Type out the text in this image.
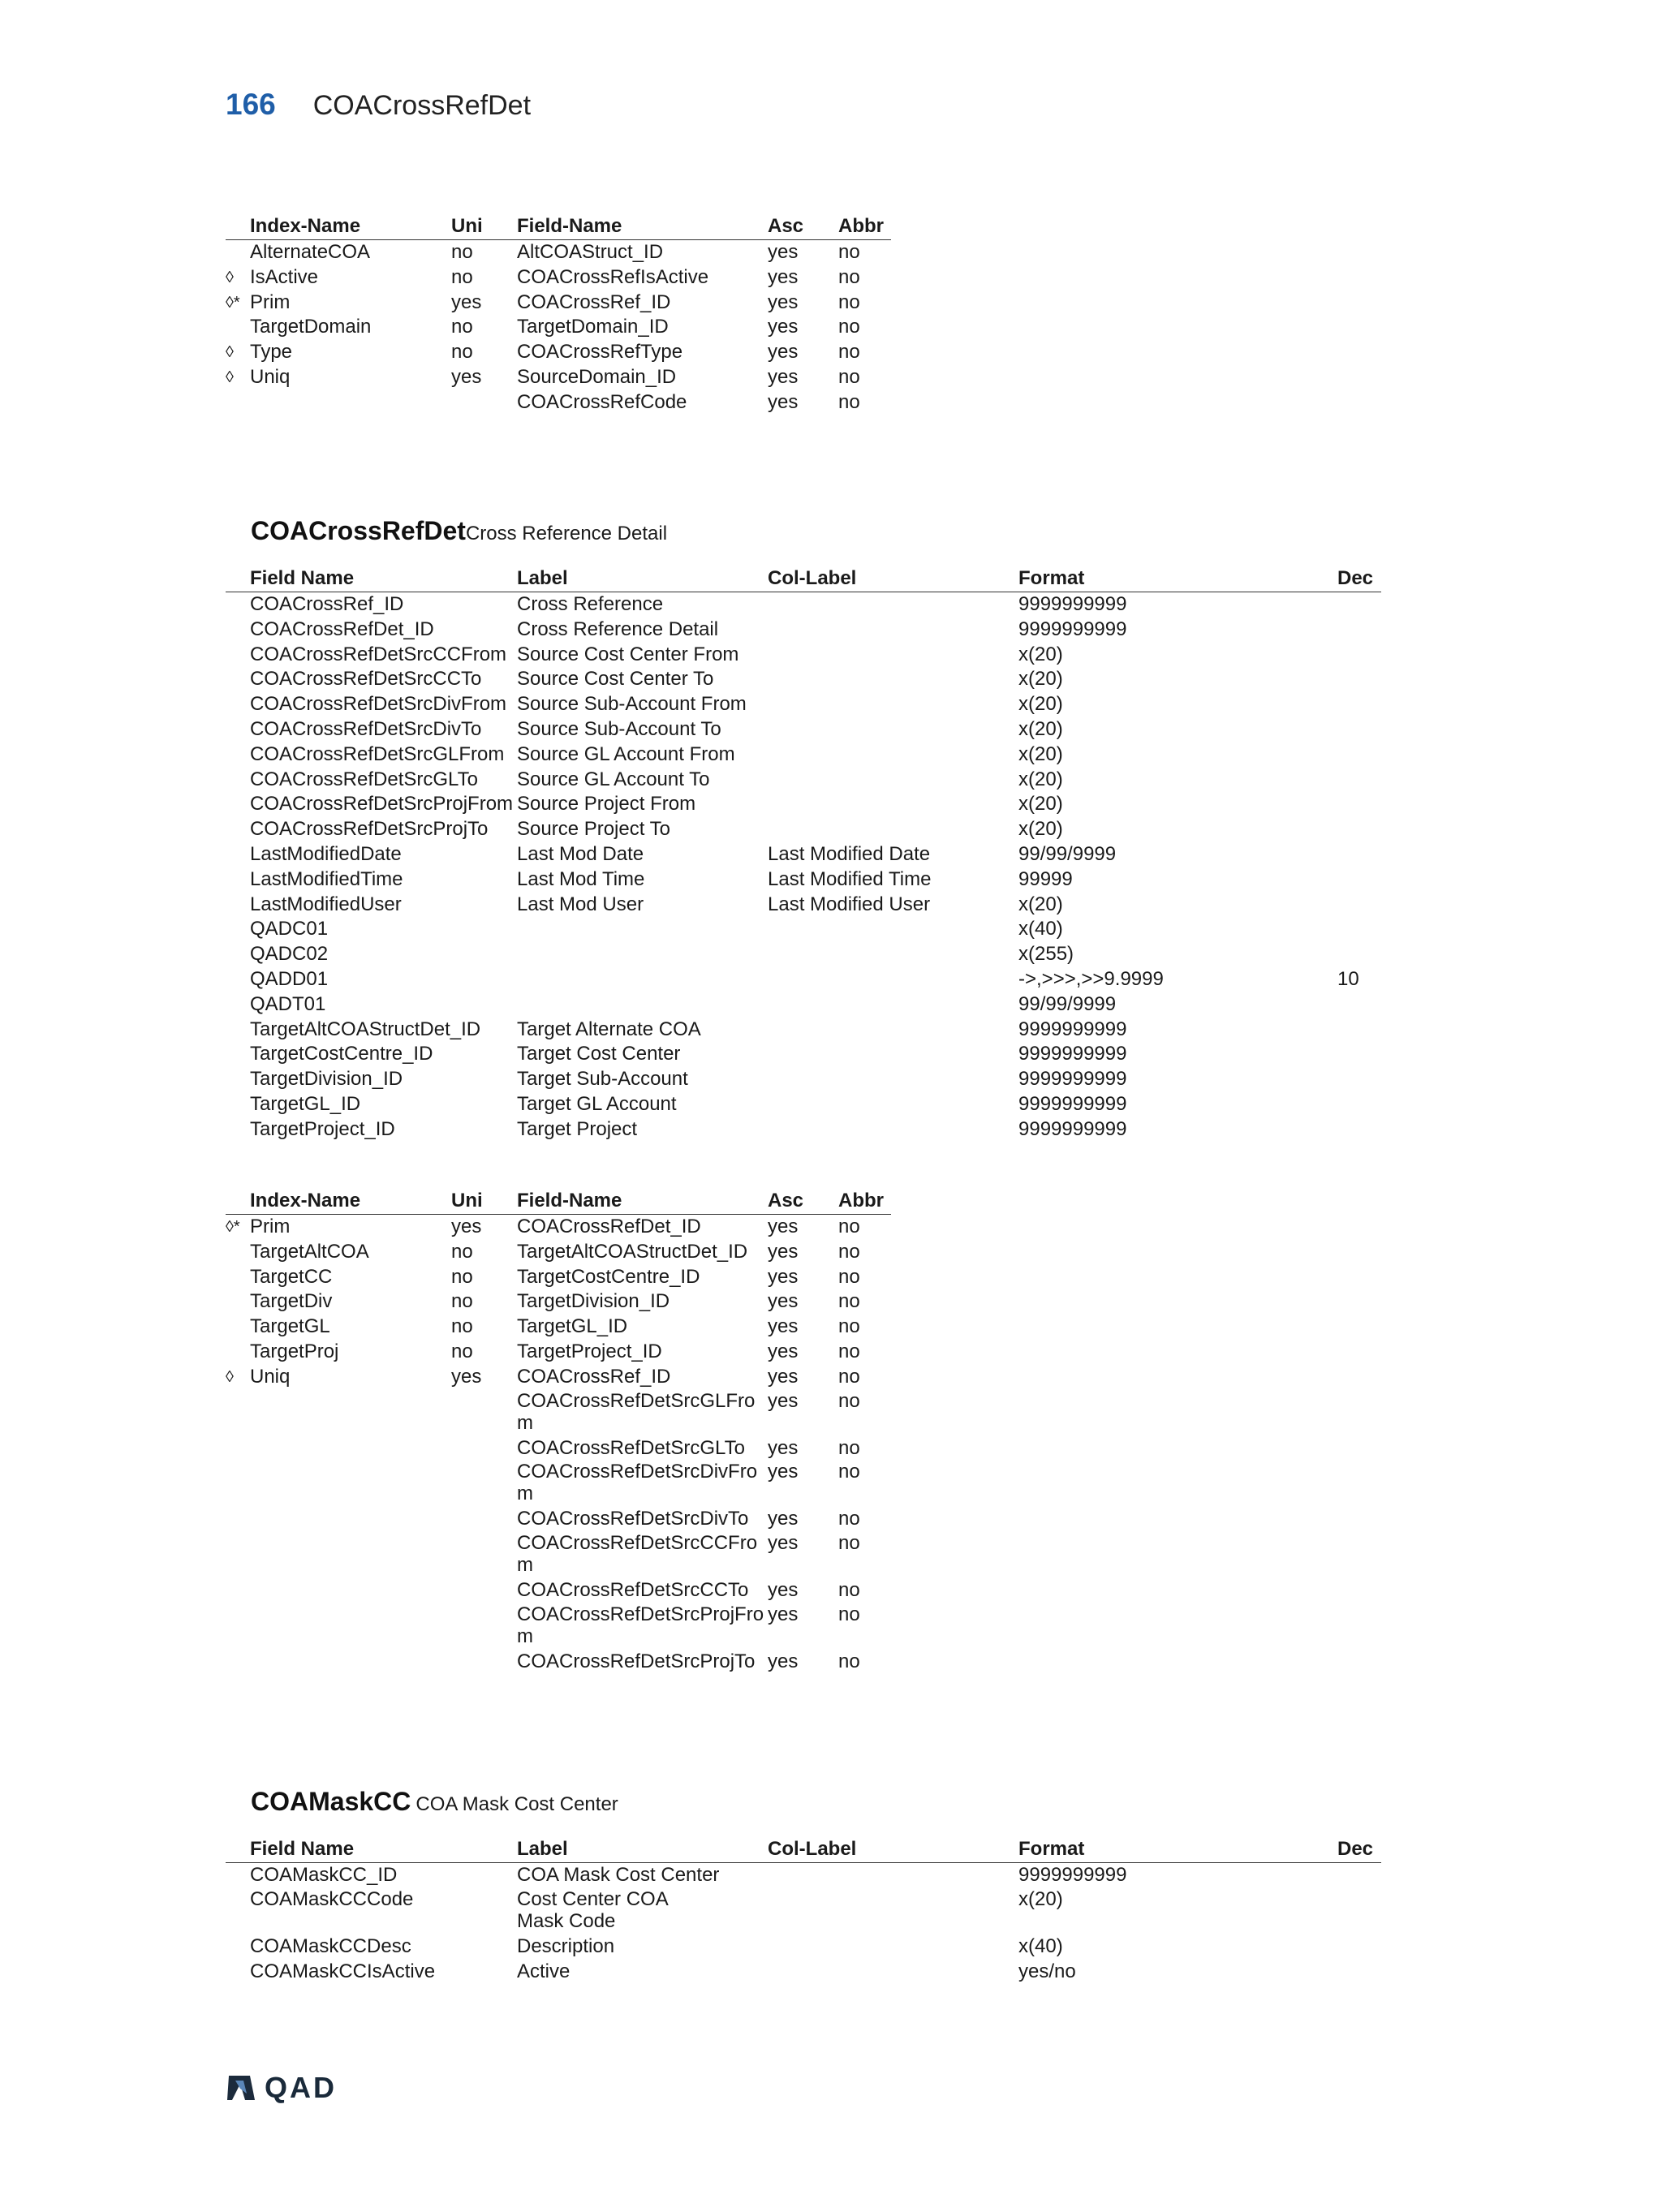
166 COACrossRefDet
	Index-Name	Uni	Field-Name	Asc	Abbr
	AlternateCOA	no	AltCOAStruct_ID	yes	no
◊	IsActive	no	COACrossRefIsActive	yes	no
◊*	Prim	yes	COACrossRef_ID	yes	no
	TargetDomain	no	TargetDomain_ID	yes	no
◊	Type	no	COACrossRefType	yes	no
◊	Uniq	yes	SourceDomain_ID	yes	no
			COACrossRefCode	yes	no
COACrossRefDet Cross Reference Detail
	Field Name	Label	Col-Label	Format	Dec
	COACrossRef_ID	Cross Reference		9999999999	
	COACrossRefDet_ID	Cross Reference Detail		9999999999	
	COACrossRefDetSrcCCFrom	Source Cost Center From		x(20)	
	COACrossRefDetSrcCCTo	Source Cost Center To		x(20)	
	COACrossRefDetSrcDivFrom	Source Sub-Account From		x(20)	
	COACrossRefDetSrcDivTo	Source Sub-Account To		x(20)	
	COACrossRefDetSrcGLFrom	Source GL Account From		x(20)	
	COACrossRefDetSrcGLTo	Source GL Account To		x(20)	
	COACrossRefDetSrcProjFrom	Source Project From		x(20)	
	COACrossRefDetSrcProjTo	Source Project To		x(20)	
	LastModifiedDate	Last Mod Date	Last Modified Date	99/99/9999	
	LastModifiedTime	Last Mod Time	Last Modified Time	99999	
	LastModifiedUser	Last Mod User	Last Modified User	x(20)	
	QADC01			x(40)	
	QADC02			x(255)	
	QADD01			->,>>>,>>9.9999	10
	QADT01			99/99/9999	
	TargetAltCOAStructDet_ID	Target Alternate COA		9999999999	
	TargetCostCentre_ID	Target Cost Center		9999999999	
	TargetDivision_ID	Target Sub-Account		9999999999	
	TargetGL_ID	Target GL Account		9999999999	
	TargetProject_ID	Target Project		9999999999	
	Index-Name	Uni	Field-Name	Asc	Abbr
◊*	Prim	yes	COACrossRefDet_ID	yes	no
	TargetAltCOA	no	TargetAltCOAStructDet_ID	yes	no
	TargetCC	no	TargetCostCentre_ID	yes	no
	TargetDiv	no	TargetDivision_ID	yes	no
	TargetGL	no	TargetGL_ID	yes	no
	TargetProj	no	TargetProject_ID	yes	no
◊	Uniq	yes	COACrossRef_ID	yes	no
			COACrossRefDetSrcGLFrom	yes	no
			COACrossRefDetSrcGLTo	yes	no
			COACrossRefDetSrcDivFrom	yes	no
			COACrossRefDetSrcDivTo	yes	no
			COACrossRefDetSrcCCFrom	yes	no
			COACrossRefDetSrcCCTo	yes	no
			COACrossRefDetSrcProjFrom	yes	no
			COACrossRefDetSrcProjTo	yes	no
COAMaskCC COA Mask Cost Center
	Field Name	Label	Col-Label	Format	Dec
	COAMaskCC_ID	COA Mask Cost Center		9999999999	
	COAMaskCCCode	Cost Center COA Mask Code		x(20)	
	COAMaskCCDesc	Description		x(40)	
	COAMaskCCIsActive	Active		yes/no	
QAD
